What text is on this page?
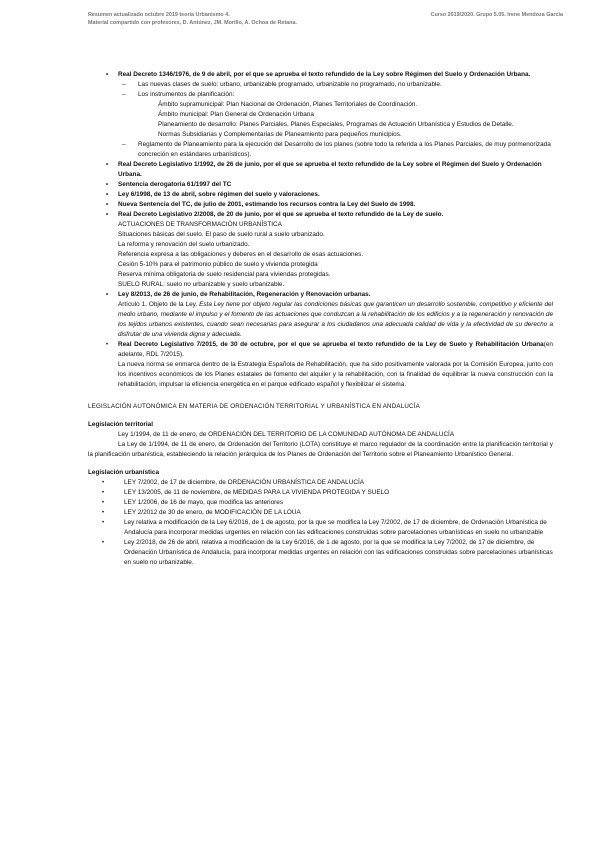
Resumen actualizado octubre 2019 teoría Urbanismo 4.	Curso 2019/2020. Grupo 5.05. Irene Mendoza García
Material compartido con profesores, D. Antúnez, JM. Morillo, A. Ochoa de Retana.
• Real Decreto 1346/1976, de 9 de abril, por el que se aprueba el texto refundido de la Ley sobre Régimen del Suelo y Ordenación Urbana.
– Las nuevas clases de suelo: urbano, urbanizable programado, urbanizable no programado, no urbanizable.
– Los instrumentos de planificación:
Ámbito supramunicipal: Plan Nacional de Ordenación, Planes Territoriales de Coordinación.
Ámbito municipal: Plan General de Ordenación Urbana
Planeamiento de desarrollo: Planes Parciales, Planes Especiales, Programas de Actuación Urbanística y Estudios de Detalle.
Normas Subsidiarias y Complementarias de Planeamiento para pequeños municipios.
– Reglamento de Planeamiento para la ejecución del Desarrollo de los planes (sobre todo la referida a los Planes Parciales, de muy pormenorizada concreción en estándares urbanísticos).
• Real Decreto Legislativo 1/1992, de 26 de junio, por el que se aprueba el texto refundido de la Ley sobre el Régimen del Suelo y Ordenación Urbana.
• Sentencia derogatoria 61/1997 del TC
• Ley 6/1998, de 13 de abril, sobre régimen del suelo y valoraciones.
• Nueva Sentencia del TC, de julio de 2001, estimando los recursos contra la Ley del Suelo de 1998.
• Real Decreto Legislativo 2/2008, de 20 de junio, por el que se aprueba el texto refundido de la Ley de suelo.
ACTUACIONES DE TRANSFORMACIÓN URBANÍSTICA
Situaciones básicas del suelo. El paso de suelo rural a suelo urbanizado.
La reforma y renovación del suelo urbanizado.
Referencia expresa a las obligaciones y deberes en el desarrollo de esas actuaciones.
Cesión 5-10% para el patrimonio público de suelo y vivienda protegida
Reserva mínima obligatoria de suelo residencial para viviendas protegidas.
SUELO RURAL: suelo no urbanizable y suelo urbanizable.
• Ley 8/2013, de 26 de junio, de Rehabilitación, Regeneración y Renovación urbanas.
Artículo 1. Objeto de la Ley. Esta Ley tiene por objeto regular las condiciones básicas que garanticen un desarrollo sostenible, competitivo y eficiente del medio urbano, mediante el impulso y el fomento de las actuaciones que conduzcan a la rehabilitación de los edificios y a la regeneración y renovación de los tejidos urbanos existentes, cuando sean necesarias para asegurar a los ciudadanos una adecuada calidad de vida y la efectividad de su derecho a disfrutar de una vivienda digna y adecuada.
• Real Decreto Legislativo 7/2015, de 30 de octubre, por el que se aprueba el texto refundido de la Ley de Suelo y Rehabilitación Urbana(en adelante, RDL 7/2015).
La nueva norma se enmarca dentro de la Estrategia Española de Rehabilitación, que ha sido positivamente valorada por la Comisión Europea, junto con los incentivos económicos de los Planes estatales de fomento del alquiler y la rehabilitación, con la finalidad de equilibrar la nueva construcción con la rehabilitación, impulsar la eficiencia energética en el parque edificado español y flexibilizar el sistema.
LEGISLACIÓN AUTONÓMICA EN MATERIA DE ORDENACIÓN TERRITORIAL Y URBANÍSTICA EN ANDALUCÍA
Legislación territorial
Ley 1/1994, de 11 de enero, de ORDENACIÓN DEL TERRITORIO DE LA COMUNIDAD AUTÓNOMA DE ANDALUCÍA
La Ley de 1/1994, de 11 de enero, de Ordenación del Territorio (LOTA) constituye el marco regulador de la coordinación entre la planificación territorial y la planificación urbanística, estableciendo la relación jerárquica de los Planes de Ordenación del Territorio sobre el Planeamiento Urbanístico General.
Legislación urbanística
• LEY 7/2002, de 17 de diciembre, de ORDENACIÓN URBANÍSTICA DE ANDALUCÍA
• LEY 13/2005, de 11 de noviembre, de MEDIDAS PARA LA VIVIENDA PROTEGIDA Y SUELO
• LEY 1/2006, de 16 de mayo, que modifica las anteriores
• LEY 2/2012 de 30 de enero, de MODIFICACIÓN DE LA LOUA
• Ley relativa a modificación de la Ley 6/2016, de 1 de agosto, por la que se modifica la Ley 7/2002, de 17 de diciembre, de Ordenación Urbanística de Andalucía para incorporar medidas urgentes en relación con las edificaciones construidas sobre parcelaciones urbanísticas en suelo no urbanizable
• Ley 2/2018, de 26 de abril, relativa a modificación de la Ley 6/2016, de 1 de agosto, por la que se modifica la Ley 7/2002, de 17 de diciembre, de Ordenación Urbanística de Andalucía, para incorporar medidas urgentes en relación con las edificaciones construidas sobre parcelaciones urbanísticas en suelo no urbanizable.
